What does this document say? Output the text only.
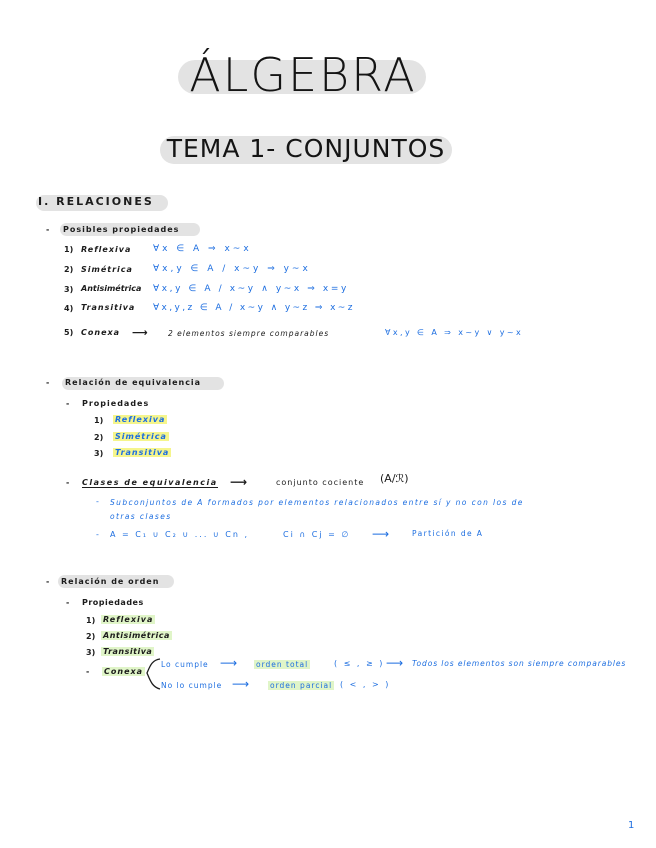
ÁLGEBRA
TEMA 1- CONJUNTOS
I. RELACIONES
- Posibles propiedades
1) Reflexiva ∀x ∈ A ⇒ x~x
2) Simétrica ∀x,y ∈ A / x~y ⇒ y~x
3) Antisimétrica ∀x,y ∈ A / x~y ∧ y~x ⇒ x=y
4) Transitiva ∀x,y,z ∈ A / x~y ∧ y~z ⇒ x~z
5) Conexa ⟶	2 elementos siempre comparables	∀x,y ∈ A ⇒ x~y ∨ y~x
- Relación de equivalencia
- Propiedades
1) Reflexiva
2) Simétrica
3) Transitiva
- Clases de equivalencia ⟶	conjunto cociente (A/ℛ)
- Subconjuntos de A formados por elementos relacionados entre sí y no con los de
otras clases
- A = C₁ ∪ C₂ ∪ ... ∪ Cn ,	Ci ∩ Cj = ∅ ⟶	Partición de A
- Relación de orden
- Propiedades
1) Reflexiva
2) Antisimétrica
3) Transitiva
- Conexa
Lo cumple ⟶	orden total	( ≤ , ≥ ) ⟶ Todos los elementos son siempre comparables
No lo cumple ⟶	orden parcial ( < , > )
1
